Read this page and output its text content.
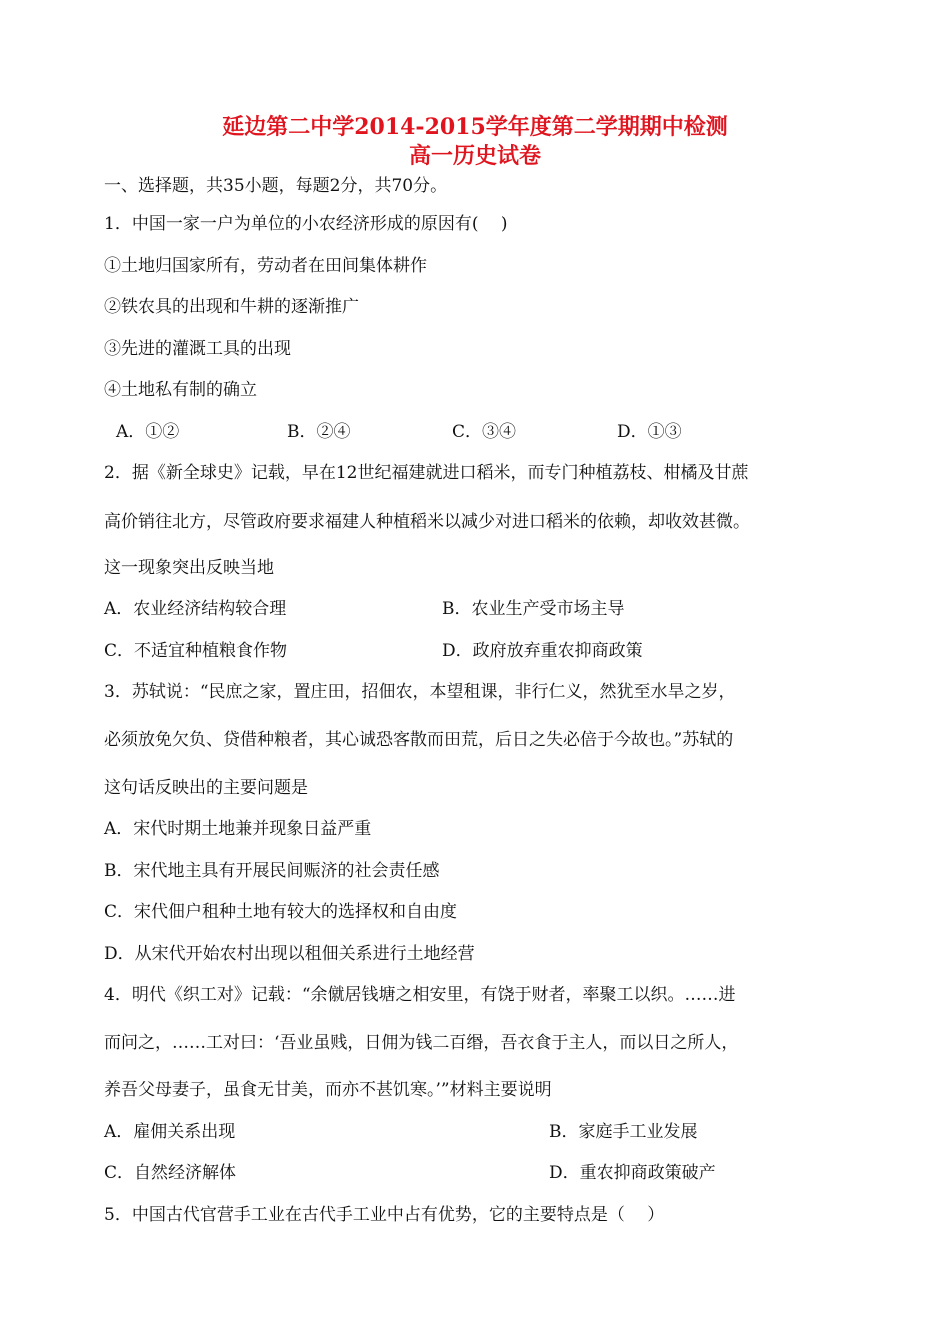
延边第二中学2014-2015学年度第二学期期中检测
高一历史试卷
一、选择题，共35小题，每题2分，共70分。
1．中国一家一户为单位的小农经济形成的原因有(　 )
①土地归国家所有，劳动者在田间集体耕作
②铁农具的出现和牛耕的逐渐推广
③先进的灌溉工具的出现
④土地私有制的确立
A．①②	B．②④	C．③④	D．①③
2．据《新全球史》记载，早在12世纪福建就进口稻米，而专门种植荔枝、柑橘及甘蔗
高价销往北方，尽管政府要求福建人种植稻米以减少对进口稻米的依赖，却收效甚微。
这一现象突出反映当地
A．农业经济结构较合理	B．农业生产受市场主导
C．不适宜种植粮食作物	D．政府放弃重农抑商政策
3．苏轼说：“民庶之家，置庄田，招佃农，本望租课，非行仁义，然犹至水旱之岁，
必须放免欠负、贷借种粮者，其心诚恐客散而田荒，后日之失必倍于今故也。”苏轼的
这句话反映出的主要问题是
A．宋代时期土地兼并现象日益严重
B．宋代地主具有开展民间赈济的社会责任感
C．宋代佃户租种土地有较大的选择权和自由度
D．从宋代开始农村出现以租佃关系进行土地经营
4．明代《织工对》记载：“余僦居钱塘之相安里，有饶于财者，率聚工以织。……进
而问之，……工对曰：‘吾业虽贱，日佣为钱二百缗，吾衣食于主人，而以日之所人，
养吾父母妻子，虽食无甘美，而亦不甚饥寒。’”材料主要说明
A．雇佣关系出现	B．家庭手工业发展
C．自然经济解体	D．重农抑商政策破产
5．中国古代官营手工业在古代手工业中占有优势，它的主要特点是（　 ）
